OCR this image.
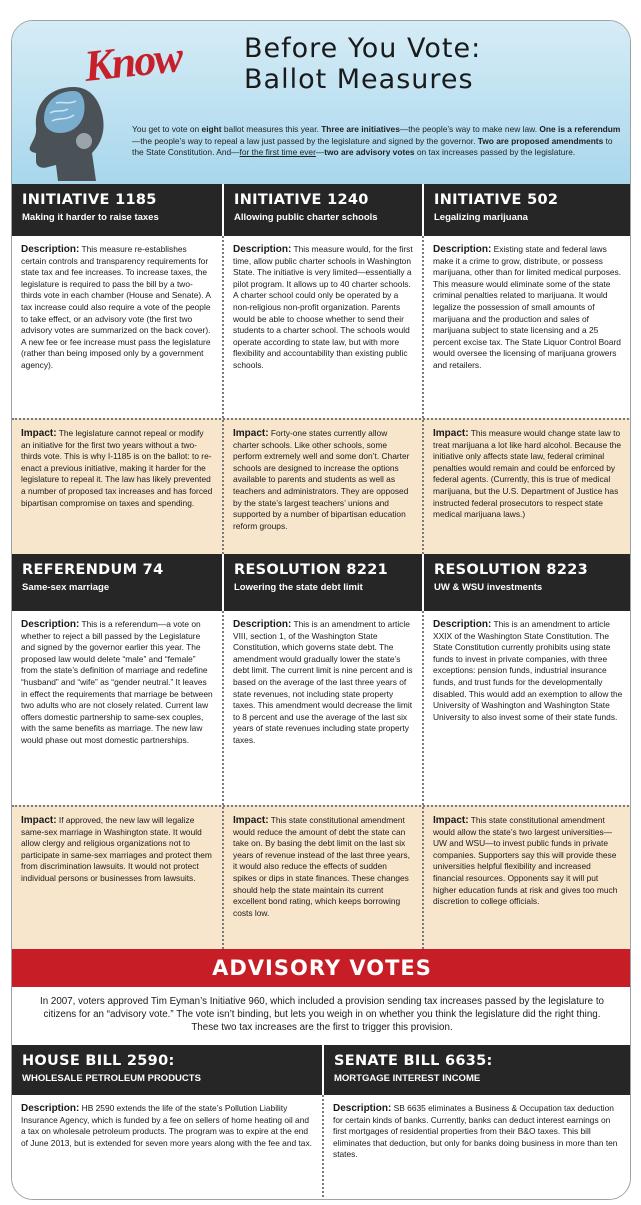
Know	Before You Vote:
Ballot Measures
You get to vote on eight ballot measures this year. Three are initiatives—the people’s way to make new law. One is a referendum—the people’s way to repeal a law just passed by the legislature and signed by the governor. Two are proposed amendments to the State Constitution. And—for the first time ever—two are advisory votes on tax increases passed by the legislature.
INITIATIVE 1185
Making it harder to raise taxes
INITIATIVE 1240
Allowing public charter schools
INITIATIVE 502
Legalizing marijuana
Description: This measure re-establishes certain controls and transparency requirements for state tax and fee increases. To increase taxes, the legislature is required to pass the bill by a two-thirds vote in each chamber (House and Senate). A tax increase could also require a vote of the people to take effect, or an advisory vote (the first two advisory votes are summarized on the back cover). A new fee or fee increase must pass the legislature (rather than being imposed only by a government agency).
Description: This measure would, for the first time, allow public charter schools in Washington State. The initiative is very limited—essentially a pilot program. It allows up to 40 charter schools. A charter school could only be operated by a non-religious non-profit organization. Parents would be able to choose whether to send their students to a charter school. The schools would operate according to state law, but with more flexibility and accountability than existing public schools.
Description: Existing state and federal laws make it a crime to grow, distribute, or possess marijuana, other than for limited medical purposes. This measure would eliminate some of the state criminal penalties related to marijuana. It would legalize the possession of small amounts of marijuana and the production and sales of marijuana subject to state licensing and a 25 percent excise tax. The State Liquor Control Board would oversee the licensing of marijuana growers and retailers.
Impact: The legislature cannot repeal or modify an initiative for the first two years without a two-thirds vote. This is why I-1185 is on the ballot: to re-enact a previous initiative, making it harder for the legislature to repeal it. The law has likely prevented a number of proposed tax increases and has forced bipartisan compromise on taxes and spending.
Impact: Forty-one states currently allow charter schools. Like other schools, some perform extremely well and some don’t. Charter schools are designed to increase the options available to parents and students as well as teachers and administrators. They are opposed by the state’s largest teachers’ unions and supported by a number of bipartisan education reform groups.
Impact: This measure would change state law to treat marijuana a lot like hard alcohol. Because the initiative only affects state law, federal criminal penalties would remain and could be enforced by federal agents. (Currently, this is true of medical marijuana, but the U.S. Department of Justice has instructed federal prosecutors to respect state medical marijuana laws.)
REFERENDUM 74
Same-sex marriage
RESOLUTION 8221
Lowering the state debt limit
RESOLUTION 8223
UW & WSU investments
Description: This is a referendum—a vote on whether to reject a bill passed by the Legislature and signed by the governor earlier this year. The proposed law would delete “male” and “female” from the state’s definition of marriage and redefine “husband” and “wife” as “gender neutral.” It leaves in effect the requirements that marriage be between two adults who are not closely related. Current law offers domestic partnership to same-sex couples, with the same benefits as marriage. The new law would phase out most domestic partnerships.
Description: This is an amendment to article VIII, section 1, of the Washington State Constitution, which governs state debt. The amendment would gradually lower the state’s debt limit. The current limit is nine percent and is based on the average of the last three years of state revenues, not including state property taxes. This amendment would decrease the limit to 8 percent and use the average of the last six years of state revenues including state property taxes.
Description: This is an amendment to article XXIX of the Washington State Constitution. The State Constitution currently prohibits using state funds to invest in private companies, with three exceptions: pension funds, industrial insurance funds, and trust funds for the developmentally disabled. This would add an exemption to allow the University of Washington and Washington State University to also invest some of their state funds.
Impact: If approved, the new law will legalize same-sex marriage in Washington state. It would allow clergy and religious organizations not to participate in same-sex marriages and protect them from discrimination lawsuits. It would not protect individual persons or businesses from lawsuits.
Impact: This state constitutional amendment would reduce the amount of debt the state can take on. By basing the debt limit on the last six years of revenue instead of the last three years, it would also reduce the effects of sudden spikes or dips in state finances. These changes should help the state maintain its current excellent bond rating, which keeps borrowing costs low.
Impact: This state constitutional amendment would allow the state’s two largest universities—UW and WSU—to invest public funds in private companies. Supporters say this will provide these universities helpful flexibility and increased financial resources. Opponents say it will put higher education funds at risk and gives too much discretion to college officials.
ADVISORY VOTES
In 2007, voters approved Tim Eyman’s Initiative 960, which included a provision sending tax increases passed by the legislature to citizens for an “advisory vote.” The vote isn’t binding, but lets you weigh in on whether you think the legislature did the right thing. These two tax increases are the first to trigger this provision.
HOUSE BILL 2590:
WHOLESALE PETROLEUM PRODUCTS
SENATE BILL 6635:
MORTGAGE INTEREST INCOME
Description: HB 2590 extends the life of the state’s Pollution Liability Insurance Agency, which is funded by a fee on sellers of home heating oil and a tax on wholesale petroleum products. The program was to expire at the end of June 2013, but is extended for seven more years along with the fee and tax.
Description: SB 6635 eliminates a Business & Occupation tax deduction for certain kinds of banks. Currently, banks can deduct interest earnings on first mortgages of residential properties from their B&O taxes. This bill eliminates that deduction, but only for banks doing business in more than ten states.
